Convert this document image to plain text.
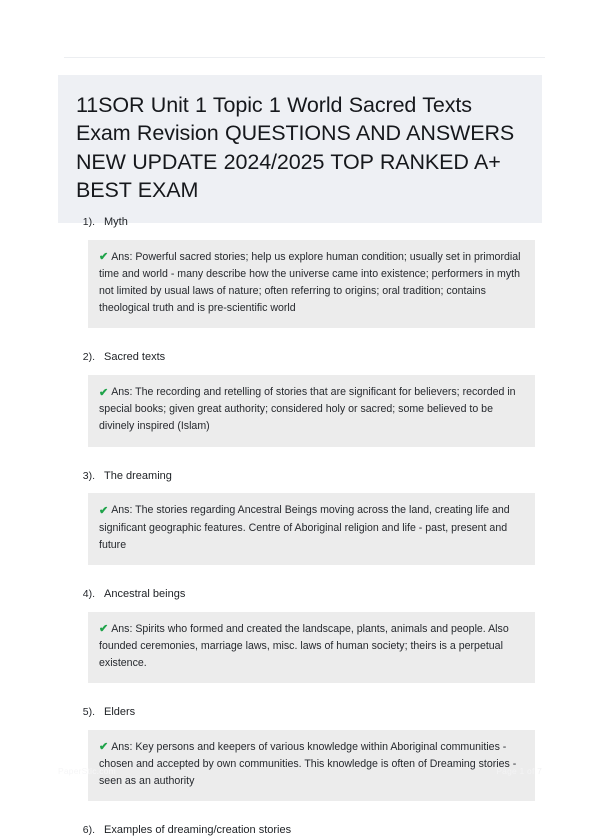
11SOR Unit 1 Topic 1 World Sacred Texts Exam Revision QUESTIONS AND ANSWERS NEW UPDATE 2024/2025 TOP RANKED A+ BEST EXAM
1). Myth

✔ Ans: Powerful sacred stories; help us explore human condition; usually set in primordial time and world - many describe how the universe came into existence; performers in myth not limited by usual laws of nature; often referring to origins; oral tradition; contains theological truth and is pre-scientific world

2). Sacred texts

✔ Ans: The recording and retelling of stories that are significant for believers; recorded in special books; given great authority; considered holy or sacred; some believed to be divinely inspired (Islam)

3). The dreaming

✔ Ans: The stories regarding Ancestral Beings moving across the land, creating life and significant geographic features. Centre of Aboriginal religion and life - past, present and future

4). Ancestral beings

✔ Ans: Spirits who formed and created the landscape, plants, animals and people. Also founded ceremonies, marriage laws, misc. laws of human society; theirs is a perpetual existence.

5). Elders

✔ Ans: Key persons and keepers of various knowledge within Aboriginal communities - chosen and accepted by own communities. This knowledge is often of Dreaming stories - seen as an authority

6). Examples of dreaming/creation stories
PaperStic.com	Page 1 of 7
